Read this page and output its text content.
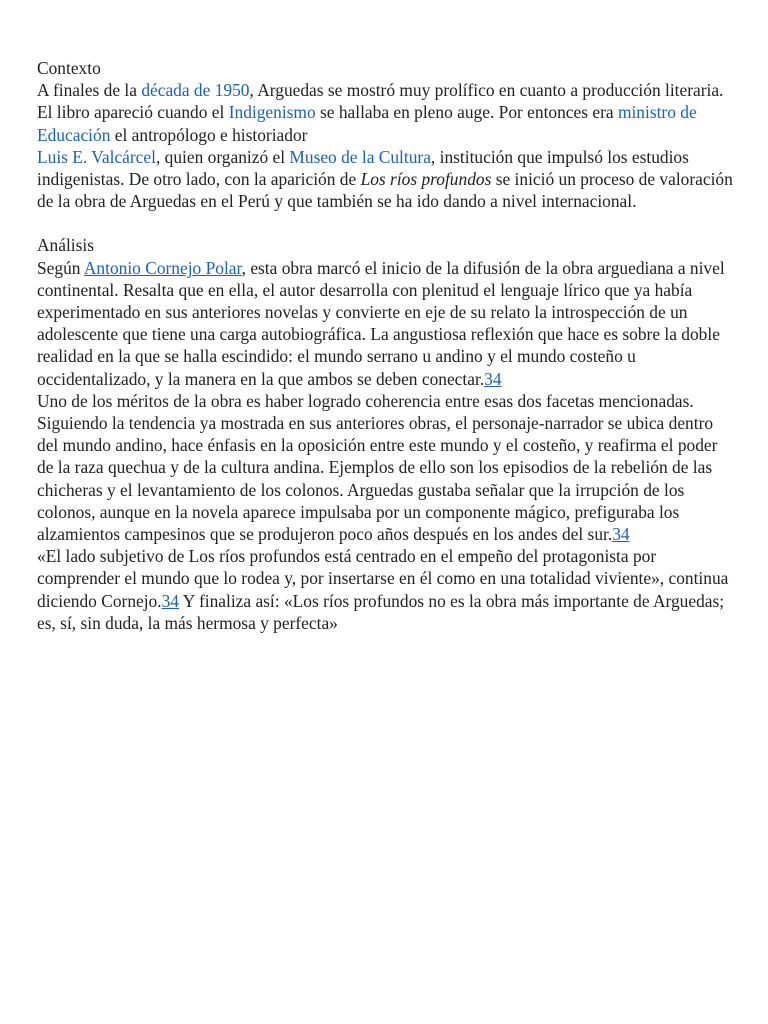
Contexto

A finales de la década de 1950, Arguedas se mostró muy prolífico en cuanto a producción literaria. El libro apareció cuando el Indigenismo se hallaba en pleno auge. Por entonces era ministro de Educación el antropólogo e historiador
Luis E. Valcárcel, quien organizó el Museo de la Cultura, institución que impulsó los estudios indigenistas. De otro lado, con la aparición de Los ríos profundos se inició un proceso de valoración de la obra de Arguedas en el Perú y que también se ha ido dando a nivel internacional.

Análisis

Según Antonio Cornejo Polar, esta obra marcó el inicio de la difusión de la obra arguediana a nivel continental. Resalta que en ella, el autor desarrolla con plenitud el lenguaje lírico que ya había experimentado en sus anteriores novelas y convierte en eje de su relato la introspección de un adolescente que tiene una carga autobiográfica. La angustiosa reflexión que hace es sobre la doble realidad en la que se halla escindido: el mundo serrano u andino y el mundo costeño u occidentalizado, y la manera en la que ambos se deben conectar.34

Uno de los méritos de la obra es haber logrado coherencia entre esas dos facetas mencionadas. Siguiendo la tendencia ya mostrada en sus anteriores obras, el personaje-narrador se ubica dentro del mundo andino, hace énfasis en la oposición entre este mundo y el costeño, y reafirma el poder de la raza quechua y de la cultura andina. Ejemplos de ello son los episodios de la rebelión de las chicheras y el levantamiento de los colonos. Arguedas gustaba señalar que la irrupción de los colonos, aunque en la novela aparece impulsaba por un componente mágico, prefiguraba los alzamientos campesinos que se produjeron poco años después en los andes del sur.34

«El lado subjetivo de Los ríos profundos está centrado en el empeño del protagonista por comprender el mundo que lo rodea y, por insertarse en él como en una totalidad viviente», continua diciendo Cornejo.34 Y finaliza así: «Los ríos profundos no es la obra más importante de Arguedas; es, sí, sin duda, la más hermosa y perfecta»
